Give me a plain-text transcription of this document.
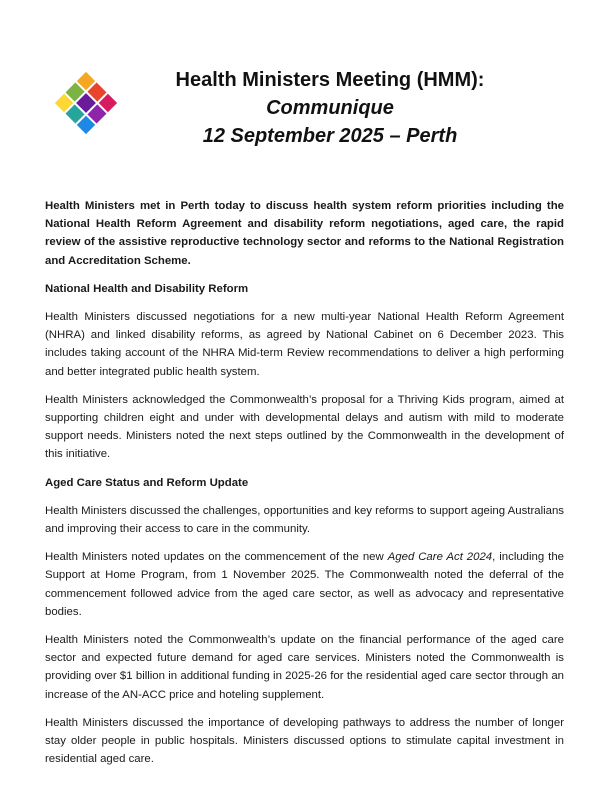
Health Ministers Meeting (HMM):
Communique
12 September 2025 – Perth

Health Ministers met in Perth today to discuss health system reform priorities including the National Health Reform Agreement and disability reform negotiations, aged care, the rapid review of the assistive reproductive technology sector and reforms to the National Registration and Accreditation Scheme.

National Health and Disability Reform

Health Ministers discussed negotiations for a new multi-year National Health Reform Agreement (NHRA) and linked disability reforms, as agreed by National Cabinet on 6 December 2023. This includes taking account of the NHRA Mid-term Review recommendations to deliver a high performing and better integrated public health system.

Health Ministers acknowledged the Commonwealth’s proposal for a Thriving Kids program, aimed at supporting children eight and under with developmental delays and autism with mild to moderate support needs. Ministers noted the next steps outlined by the Commonwealth in the development of this initiative.

Aged Care Status and Reform Update

Health Ministers discussed the challenges, opportunities and key reforms to support ageing Australians and improving their access to care in the community.

Health Ministers noted updates on the commencement of the new Aged Care Act 2024, including the Support at Home Program, from 1 November 2025. The Commonwealth noted the deferral of the commencement followed advice from the aged care sector, as well as advocacy and representative bodies.

Health Ministers noted the Commonwealth’s update on the financial performance of the aged care sector and expected future demand for aged care services. Ministers noted the Commonwealth is providing over $1 billion in additional funding in 2025-26 for the residential aged care sector through an increase of the AN-ACC price and hoteling supplement.

Health Ministers discussed the importance of developing pathways to address the number of longer stay older people in public hospitals. Ministers discussed options to stimulate capital investment in residential aged care.
